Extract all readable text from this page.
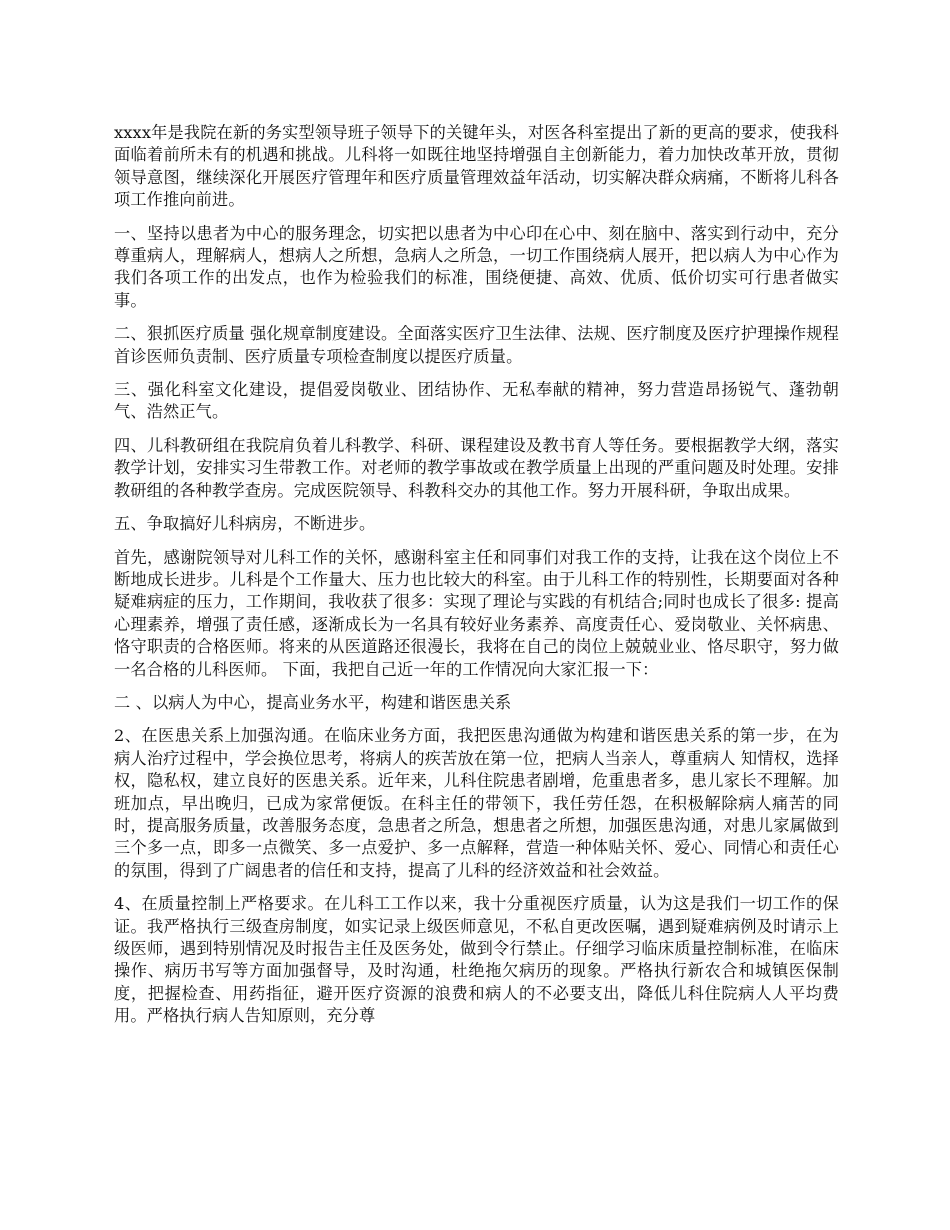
xxxx年是我院在新的务实型领导班子领导下的关键年头，对医各科室提出了新的更高的要求，使我科面临着前所未有的机遇和挑战。儿科将一如既往地坚持增强自主创新能力，着力加快改革开放，贯彻领导意图，继续深化开展医疗管理年和医疗质量管理效益年活动，切实解决群众病痛，不断将儿科各项工作推向前进。

一、坚持以患者为中心的服务理念，切实把以患者为中心印在心中、刻在脑中、落实到行动中，充分尊重病人，理解病人，想病人之所想，急病人之所急，一切工作围绕病人展开，把以病人为中心作为我们各项工作的出发点，也作为检验我们的标准，围绕便捷、高效、优质、低价切实可行患者做实事。

二、狠抓医疗质量 强化规章制度建设。全面落实医疗卫生法律、法规、医疗制度及医疗护理操作规程首诊医师负责制、医疗质量专项检查制度以提医疗质量。

三、强化科室文化建设，提倡爱岗敬业、团结协作、无私奉献的精神，努力营造昂扬锐气、蓬勃朝气、浩然正气。

四、儿科教研组在我院肩负着儿科教学、科研、课程建设及教书育人等任务。要根据教学大纲，落实教学计划，安排实习生带教工作。对老师的教学事故或在教学质量上出现的严重问题及时处理。安排教研组的各种教学查房。完成医院领导、科教科交办的其他工作。努力开展科研，争取出成果。

五、争取搞好儿科病房，不断进步。

首先，感谢院领导对儿科工作的关怀，感谢科室主任和同事们对我工作的支持，让我在这个岗位上不断地成长进步。儿科是个工作量大、压力也比较大的科室。由于儿科工作的特别性，长期要面对各种疑难病症的压力，工作期间，我收获了很多：实现了理论与实践的有机结合;同时也成长了很多: 提高心理素养，增强了责任感，逐渐成长为一名具有较好业务素养、高度责任心、爱岗敬业、关怀病患、恪守职责的合格医师。将来的从医道路还很漫长，我将在自己的岗位上兢兢业业、恪尽职守，努力做一名合格的儿科医师。 下面，我把自己近一年的工作情况向大家汇报一下：

二 、以病人为中心，提高业务水平，构建和谐医患关系

2、在医患关系上加强沟通。在临床业务方面，我把医患沟通做为构建和谐医患关系的第一步，在为病人治疗过程中，学会换位思考，将病人的疾苦放在第一位，把病人当亲人，尊重病人 知情权，选择权，隐私权，建立良好的医患关系。近年来，儿科住院患者剧增，危重患者多，患儿家长不理解。加班加点，早出晚归，已成为家常便饭。在科主任的带领下，我任劳任怨，在积极解除病人痛苦的同时，提高服务质量，改善服务态度，急患者之所急，想患者之所想，加强医患沟通，对患儿家属做到三个多一点，即多一点微笑、多一点爱护、多一点解释，营造一种体贴关怀、爱心、同情心和责任心的氛围，得到了广阔患者的信任和支持，提高了儿科的经济效益和社会效益。

4、在质量控制上严格要求。在儿科工工作以来，我十分重视医疗质量，认为这是我们一切工作的保证。我严格执行三级查房制度，如实记录上级医师意见，不私自更改医嘱，遇到疑难病例及时请示上级医师，遇到特别情况及时报告主任及医务处，做到令行禁止。仔细学习临床质量控制标准，在临床操作、病历书写等方面加强督导，及时沟通，杜绝拖欠病历的现象。严格执行新农合和城镇医保制度，把握检查、用药指征，避开医疗资源的浪费和病人的不必要支出，降低儿科住院病人人平均费用。严格执行病人告知原则，充分尊
